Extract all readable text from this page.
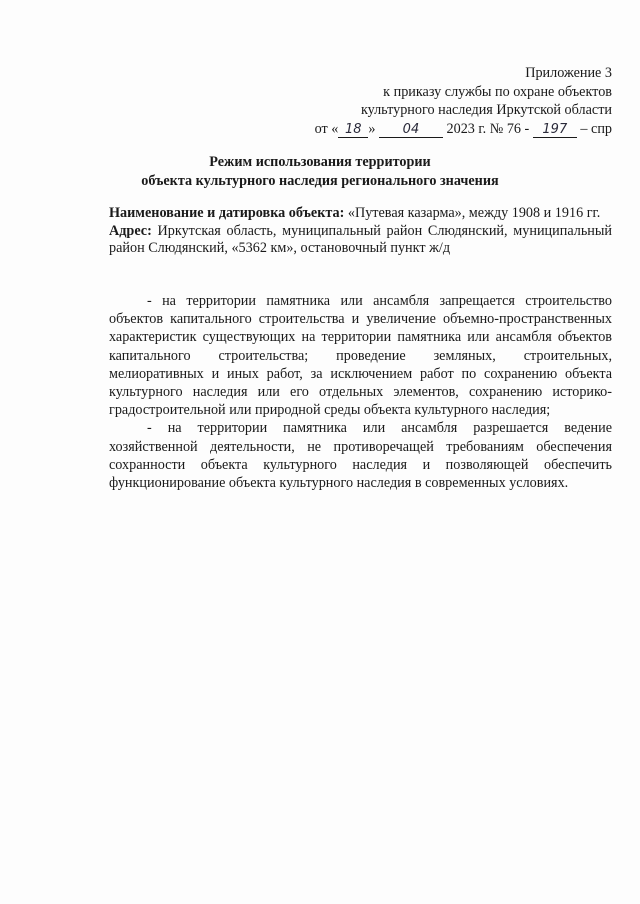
Приложение 3
к приказу службы по охране объектов
культурного наследия Иркутской области
от « 18 » 04 2023 г. № 76 - 197 – спр
Режим использования территории
объекта культурного наследия регионального значения

Наименование и датировка объекта: «Путевая казарма», между 1908 и 1916 гг.

Адрес: Иркутская область, муниципальный район Слюдянский, муниципальный район Слюдянский, «5362 км», остановочный пункт ж/д

- на территории памятника или ансамбля запрещается строительство объектов капитального строительства и увеличение объемно-пространственных характеристик существующих на территории памятника или ансамбля объектов капитального строительства; проведение земляных, строительных, мелиоративных и иных работ, за исключением работ по сохранению объекта культурного наследия или его отдельных элементов, сохранению историко-градостроительной или природной среды объекта культурного наследия;

- на территории памятника или ансамбля разрешается ведение хозяйственной деятельности, не противоречащей требованиям обеспечения сохранности объекта культурного наследия и позволяющей обеспечить функционирование объекта культурного наследия в современных условиях.
